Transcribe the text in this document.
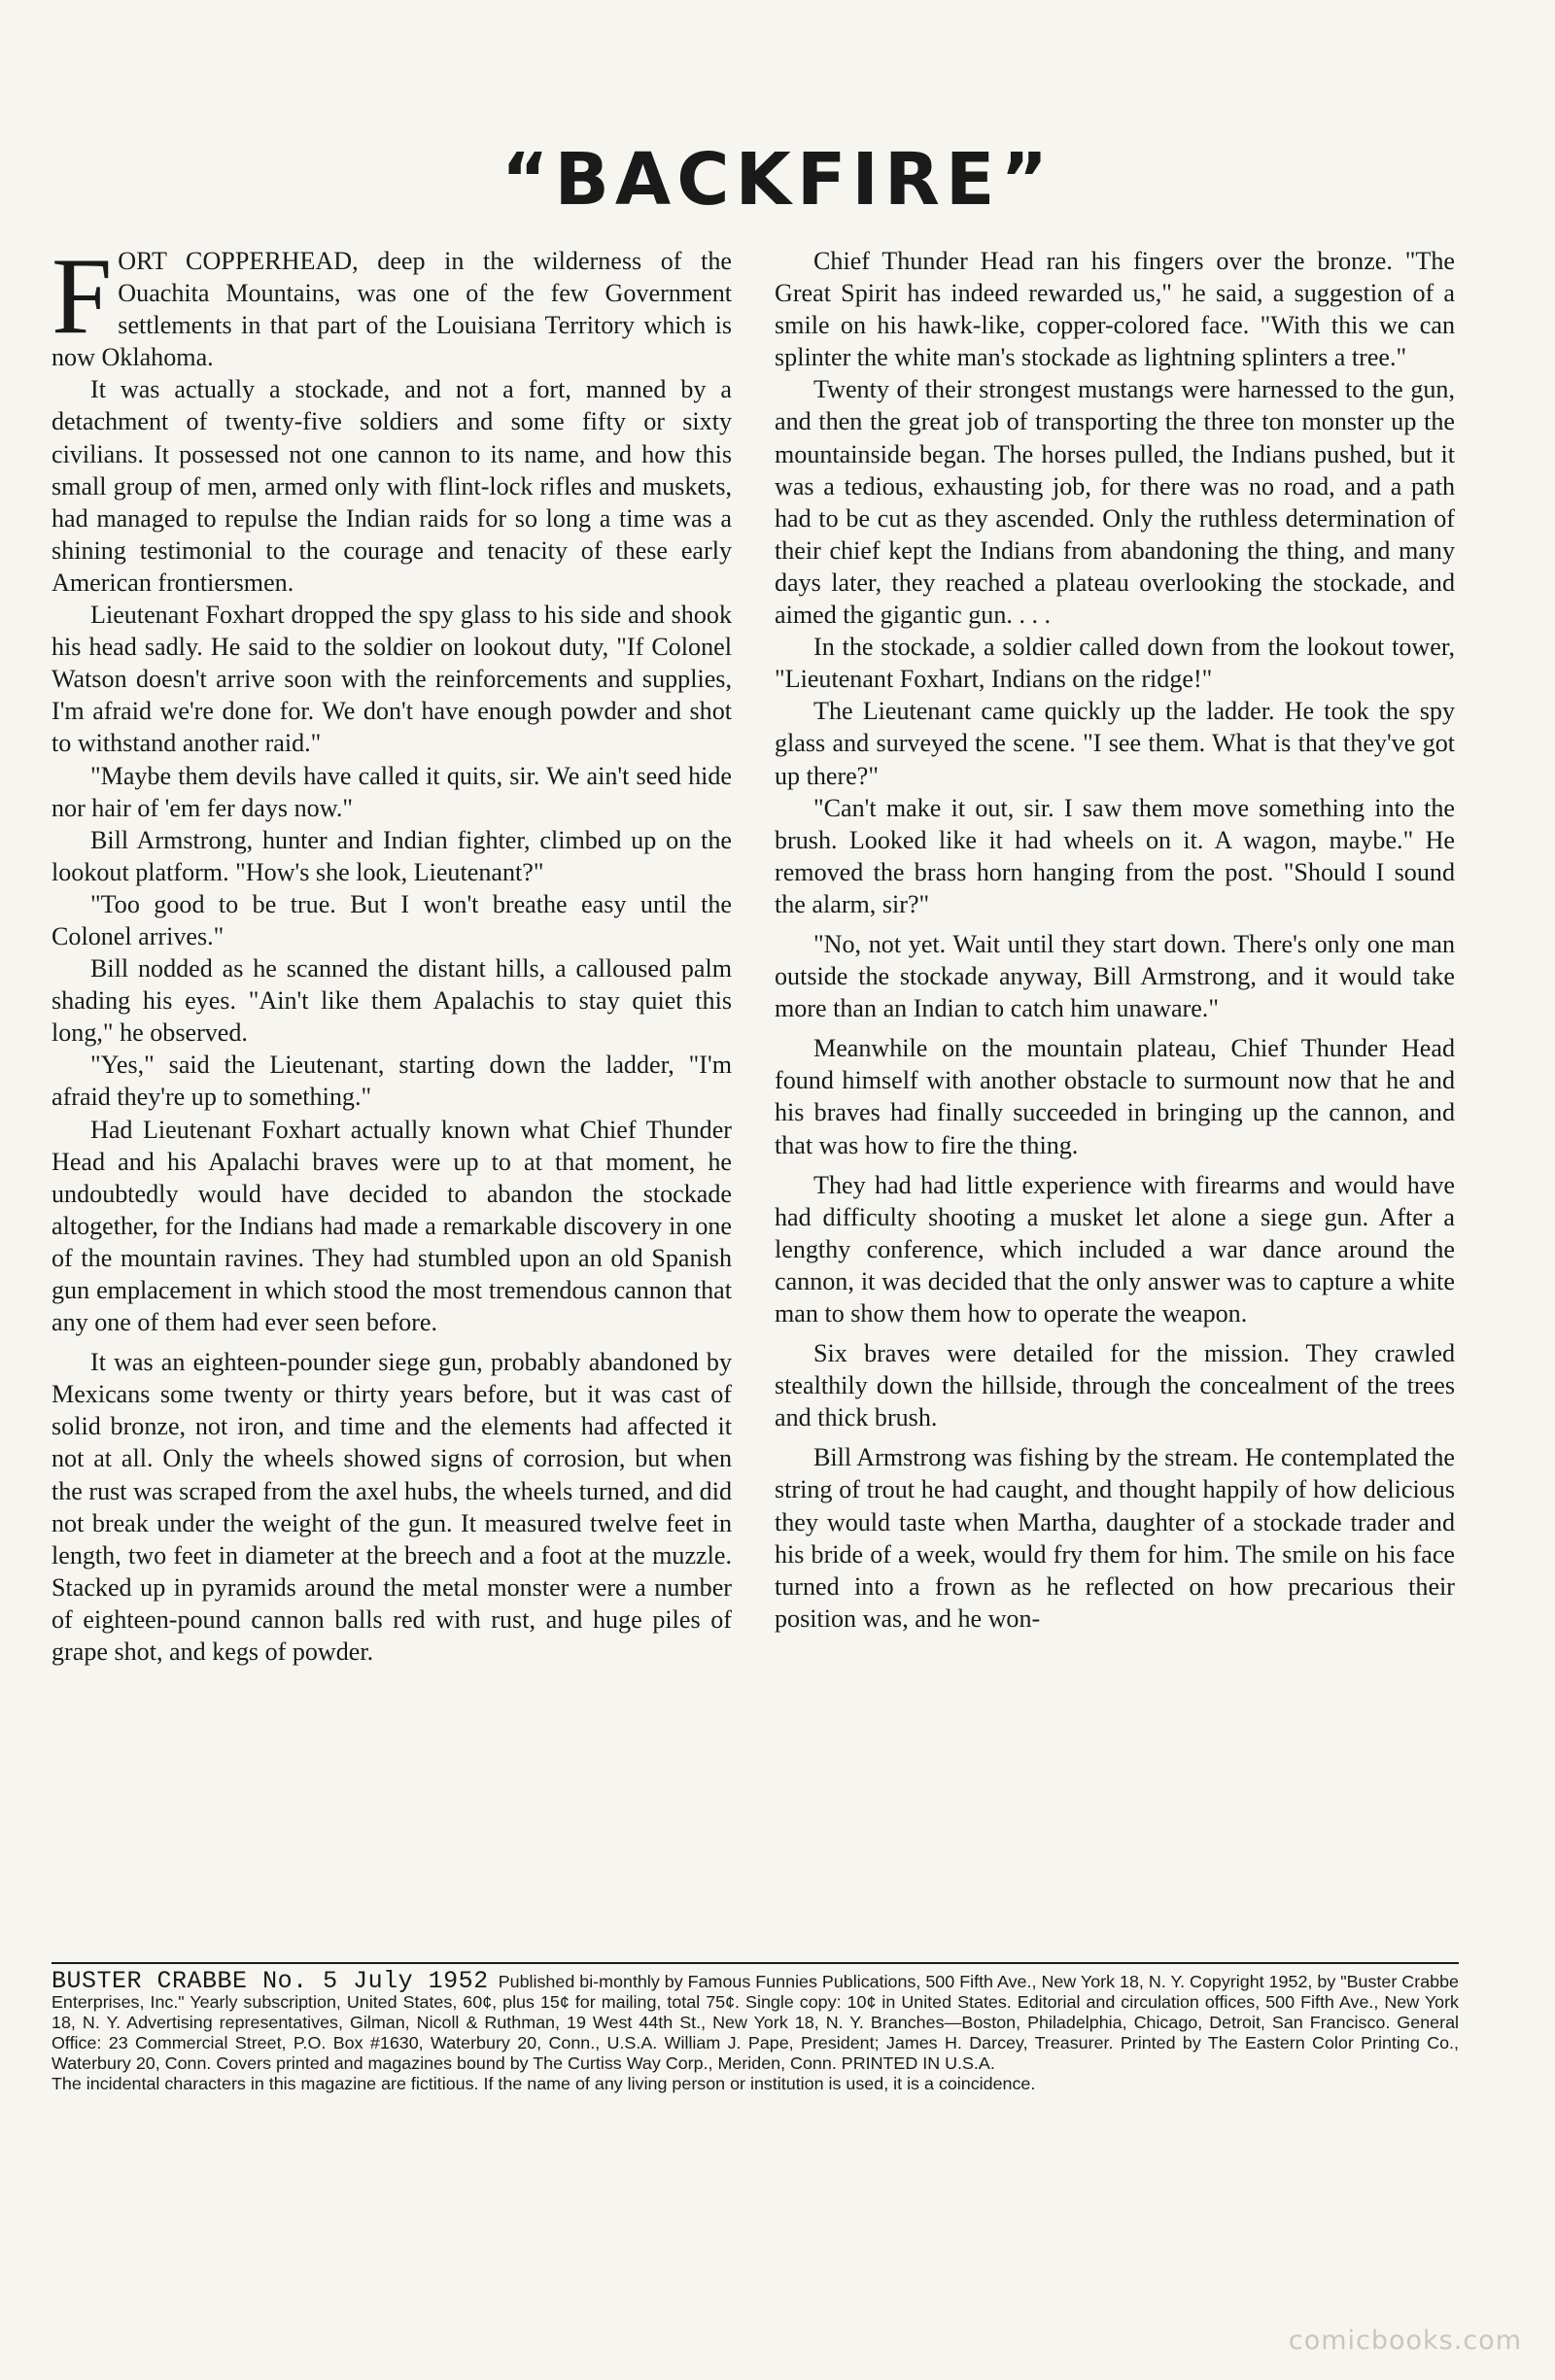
“BACKFIRE”

FORT COPPERHEAD, deep in the wilderness of the Ouachita Mountains, was one of the few Government settlements in that part of the Louisiana Territory which is now Oklahoma.

It was actually a stockade, and not a fort, manned by a detachment of twenty-five soldiers and some fifty or sixty civilians. It possessed not one cannon to its name, and how this small group of men, armed only with flint-lock rifles and muskets, had managed to repulse the Indian raids for so long a time was a shining testimonial to the courage and tenacity of these early American frontiersmen.

Lieutenant Foxhart dropped the spy glass to his side and shook his head sadly. He said to the soldier on lookout duty, "If Colonel Watson doesn't arrive soon with the reinforcements and supplies, I'm afraid we're done for. We don't have enough powder and shot to withstand another raid."

"Maybe them devils have called it quits, sir. We ain't seed hide nor hair of 'em fer days now."

Bill Armstrong, hunter and Indian fighter, climbed up on the lookout platform. "How's she look, Lieutenant?"

"Too good to be true. But I won't breathe easy until the Colonel arrives."

Bill nodded as he scanned the distant hills, a calloused palm shading his eyes. "Ain't like them Apalachis to stay quiet this long," he observed.

"Yes," said the Lieutenant, starting down the ladder, "I'm afraid they're up to something."

Had Lieutenant Foxhart actually known what Chief Thunder Head and his Apalachi braves were up to at that moment, he undoubtedly would have decided to abandon the stockade altogether, for the Indians had made a remarkable discovery in one of the mountain ravines. They had stumbled upon an old Spanish gun emplacement in which stood the most tremendous cannon that any one of them had ever seen before.

It was an eighteen-pounder siege gun, probably abandoned by Mexicans some twenty or thirty years before, but it was cast of solid bronze, not iron, and time and the elements had affected it not at all. Only the wheels showed signs of corrosion, but when the rust was scraped from the axel hubs, the wheels turned, and did not break under the weight of the gun. It measured twelve feet in length, two feet in diameter at the breech and a foot at the muzzle. Stacked up in pyramids around the metal monster were a number of eighteen-pound cannon balls red with rust, and huge piles of grape shot, and kegs of powder.

Chief Thunder Head ran his fingers over the bronze. "The Great Spirit has indeed rewarded us," he said, a suggestion of a smile on his hawk-like, copper-colored face. "With this we can splinter the white man's stockade as lightning splinters a tree."

Twenty of their strongest mustangs were harnessed to the gun, and then the great job of transporting the three ton monster up the mountainside began. The horses pulled, the Indians pushed, but it was a tedious, exhausting job, for there was no road, and a path had to be cut as they ascended. Only the ruthless determination of their chief kept the Indians from abandoning the thing, and many days later, they reached a plateau overlooking the stockade, and aimed the gigantic gun. . . .

In the stockade, a soldier called down from the lookout tower, "Lieutenant Foxhart, Indians on the ridge!"

The Lieutenant came quickly up the ladder. He took the spy glass and surveyed the scene. "I see them. What is that they've got up there?"

"Can't make it out, sir. I saw them move something into the brush. Looked like it had wheels on it. A wagon, maybe." He removed the brass horn hanging from the post. "Should I sound the alarm, sir?"

"No, not yet. Wait until they start down. There's only one man outside the stockade anyway, Bill Armstrong, and it would take more than an Indian to catch him unaware."

Meanwhile on the mountain plateau, Chief Thunder Head found himself with another obstacle to surmount now that he and his braves had finally succeeded in bringing up the cannon, and that was how to fire the thing.

They had had little experience with firearms and would have had difficulty shooting a musket let alone a siege gun. After a lengthy conference, which included a war dance around the cannon, it was decided that the only answer was to capture a white man to show them how to operate the weapon.

Six braves were detailed for the mission. They crawled stealthily down the hillside, through the concealment of the trees and thick brush.

Bill Armstrong was fishing by the stream. He contemplated the string of trout he had caught, and thought happily of how delicious they would taste when Martha, daughter of a stockade trader and his bride of a week, would fry them for him. The smile on his face turned into a frown as he reflected on how precarious their position was, and he won-

BUSTER CRABBE No. 5 July 1952 Published bi-monthly by Famous Funnies Publications, 500 Fifth Ave., New York 18, N. Y. Copyright 1952, by "Buster Crabbe Enterprises, Inc." Yearly subscription, United States, 60¢, plus 15¢ for mailing, total 75¢. Single copy: 10¢ in United States. Editorial and circulation offices, 500 Fifth Ave., New York 18, N. Y. Advertising representatives, Gilman, Nicoll & Ruthman, 19 West 44th St., New York 18, N. Y. Branches—Boston, Philadelphia, Chicago, Detroit, San Francisco. General Office: 23 Commercial Street, P.O. Box #1630, Waterbury 20, Conn., U.S.A. William J. Pape, President; James H. Darcey, Treasurer. Printed by The Eastern Color Printing Co., Waterbury 20, Conn. Covers printed and magazines bound by The Curtiss Way Corp., Meriden, Conn. PRINTED IN U.S.A.

The incidental characters in this magazine are fictitious. If the name of any living person or institution is used, it is a coincidence.

comicbooks.com
